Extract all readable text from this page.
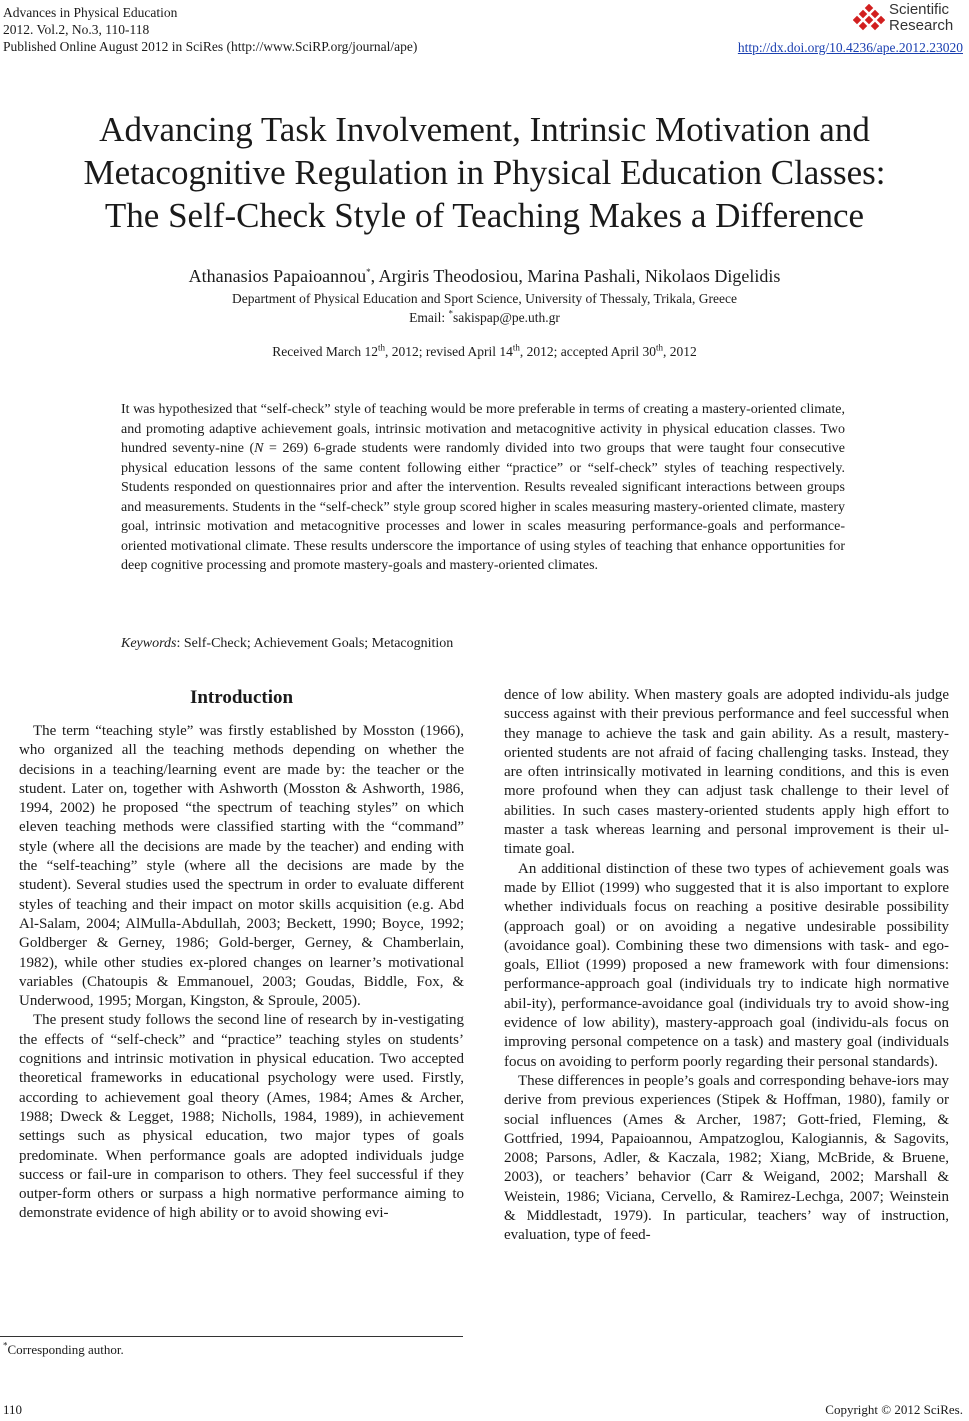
Advances in Physical Education
2012. Vol.2, No.3, 110-118
Published Online August 2012 in SciRes (http://www.SciRP.org/journal/ape)
Scientific
Research
http://dx.doi.org/10.4236/ape.2012.23020
Advancing Task Involvement, Intrinsic Motivation and
Metacognitive Regulation in Physical Education Classes:
The Self-Check Style of Teaching Makes a Difference
Athanasios Papaioannou*, Argiris Theodosiou, Marina Pashali, Nikolaos Digelidis
Department of Physical Education and Sport Science, University of Thessaly, Trikala, Greece
Email: *sakispap@pe.uth.gr
Received March 12th, 2012; revised April 14th, 2012; accepted April 30th, 2012
It was hypothesized that “self-check” style of teaching would be more preferable in terms of creating a mastery-oriented climate, and promoting adaptive achievement goals, intrinsic motivation and metacognitive activity in physical education classes. Two hundred seventy-nine (N = 269) 6-grade students were randomly divided into two groups that were taught four consecutive physical education lessons of the same content following either “practice” or “self-check” styles of teaching respectively. Students responded on questionnaires prior and after the intervention. Results revealed significant interactions between groups and measurements. Students in the “self-check” style group scored higher in scales measuring mastery-oriented climate, mastery goal, intrinsic motivation and metacognitive processes and lower in scales measuring performance-goals and performance-oriented motivational climate. These results underscore the importance of using styles of teaching that enhance opportunities for deep cognitive processing and promote mastery-goals and mastery-oriented climates.
Keywords: Self-Check; Achievement Goals; Metacognition
Introduction

The term “teaching style” was firstly established by Mosston (1966), who organized all the teaching methods depending on whether the decisions in a teaching/learning event are made by: the teacher or the student. Later on, together with Ashworth (Mosston & Ashworth, 1986, 1994, 2002) he proposed “the spectrum of teaching styles” on which eleven teaching methods were classified starting with the “command” style (where all the decisions are made by the teacher) and ending with the “self-teaching” style (where all the decisions are made by the student). Several studies used the spectrum in order to evaluate different styles of teaching and their impact on motor skills acquisition (e.g. Abd Al-Salam, 2004; AlMulla-Abdullah, 2003; Beckett, 1990; Boyce, 1992; Goldberger & Gerney, 1986; Gold-berger, Gerney, & Chamberlain, 1982), while other studies ex-plored changes on learner’s motivational variables (Chatoupis & Emmanouel, 2003; Goudas, Biddle, Fox, & Underwood, 1995; Morgan, Kingston, & Sproule, 2005).

The present study follows the second line of research by in-vestigating the effects of “self-check” and “practice” teaching styles on students’ cognitions and intrinsic motivation in physical education. Two accepted theoretical frameworks in educational psychology were used. Firstly, according to achievement goal theory (Ames, 1984; Ames & Archer, 1988; Dweck & Legget, 1988; Nicholls, 1984, 1989), in achievement settings such as physical education, two major types of goals predominate. When performance goals are adopted individuals judge success or fail-ure in comparison to others. They feel successful if they outper-form others or surpass a high normative performance aiming to demonstrate evidence of high ability or to avoid showing evi-

dence of low ability. When mastery goals are adopted individu-als judge success against with their previous performance and feel successful when they manage to achieve the task and gain ability. As a result, mastery-oriented students are not afraid of facing challenging tasks. Instead, they are often intrinsically motivated in learning conditions, and this is even more profound when they can adjust task challenge to their level of abilities. In such cases mastery-oriented students apply high effort to master a task whereas learning and personal improvement is their ul-timate goal.

An additional distinction of these two types of achievement goals was made by Elliot (1999) who suggested that it is also important to explore whether individuals focus on reaching a positive desirable possibility (approach goal) or on avoiding a negative undesirable possibility (avoidance goal). Combining these two dimensions with task- and ego-goals, Elliot (1999) proposed a new framework with four dimensions: performance-approach goal (individuals try to indicate high normative abil-ity), performance-avoidance goal (individuals try to avoid show-ing evidence of low ability), mastery-approach goal (individu-als focus on improving personal competence on a task) and mastery goal (individuals focus on avoiding to perform poorly regarding their personal standards).

These differences in people’s goals and corresponding behave-iors may derive from previous experiences (Stipek & Hoffman, 1980), family or social influences (Ames & Archer, 1987; Gott-fried, Fleming, & Gottfried, 1994, Papaioannou, Ampatzoglou, Kalogiannis, & Sagovits, 2008; Parsons, Adler, & Kaczala, 1982; Xiang, McBride, & Bruene, 2003), or teachers’ behavior (Carr & Weigand, 2002; Marshall & Weistein, 1986; Viciana, Cervello, & Ramirez-Lechga, 2007; Weinstein & Middlestadt, 1979). In particular, teachers’ way of instruction, evaluation, type of feed-

*Corresponding author.
110	Copyright © 2012 SciRes.
